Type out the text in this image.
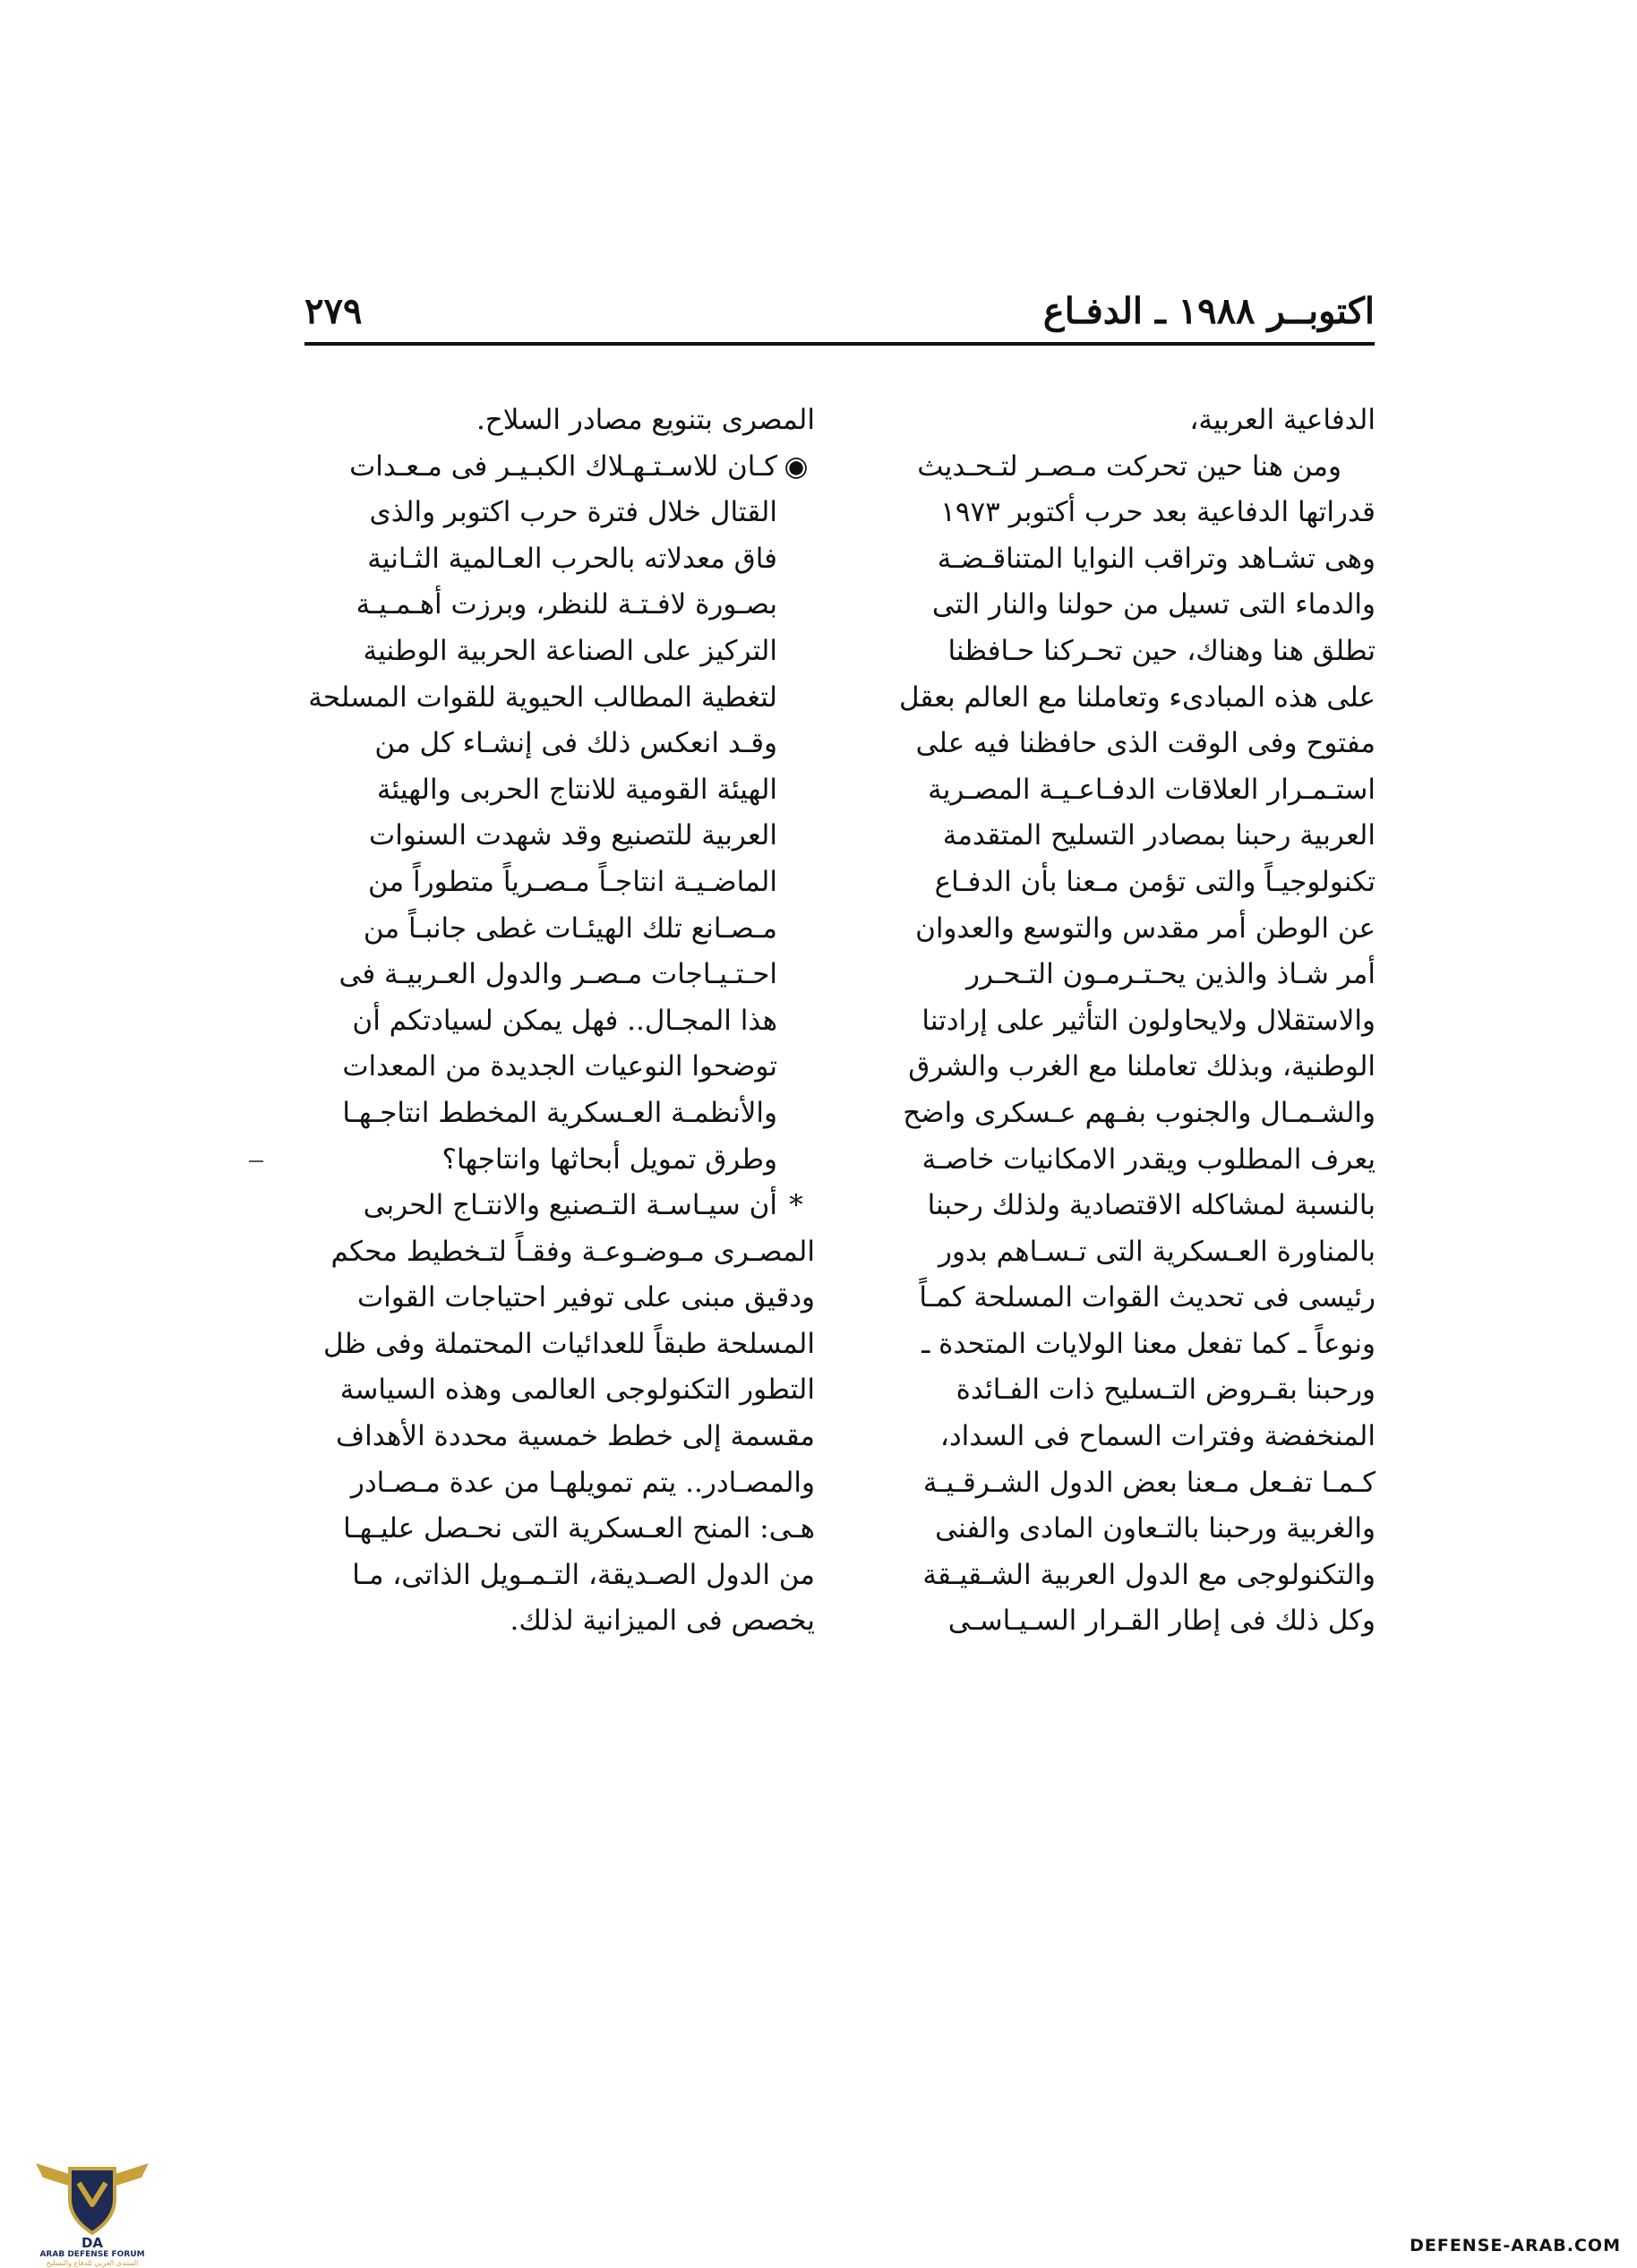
اكتوبــر ١٩٨٨ ـ الدفـاع
٢٧٩
الدفاعية العربية،
ومن هنا حين تحركت مـصـر لتـحـديث
قدراتها الدفاعية بعد حرب أكتوبر ١٩٧٣
وهى تشـاهد وتراقب النوايا المتناقـضـة
والدماء التى تسيل من حولنا والنار التى
تطلق هنا وهناك، حين تحـركنا حـافظنا
على هذه المبادىء وتعاملنا مع العالم بعقل
مفتوح وفى الوقت الذى حافظنا فيه على
استـمـرار العلاقات الدفـاعـيـة المصـرية
العربية رحبنا بمصادر التسليح المتقدمة
تكنولوجيـاً والتى تؤمن مـعنا بأن الدفـاع
عن الوطن أمر مقدس والتوسع والعدوان
أمر شـاذ والذين يحـتـرمـون التـحـرر
والاستقلال ولايحاولون التأثير على إرادتنا
الوطنية، وبذلك تعاملنا مع الغرب والشرق
والشـمـال والجنوب بفـهم عـسكرى واضح
يعرف المطلوب ويقدر الامكانيات خاصـة
بالنسبة لمشاكله الاقتصادية ولذلك رحبنا
بالمناورة العـسكرية التى تـسـاهم بدور
رئيسى فى تحديث القوات المسلحة كمـاً
ونوعاً ـ كما تفعل معنا الولايات المتحدة ـ
ورحبنا بقـروض التـسليح ذات الفـائدة
المنخفضة وفترات السماح فى السداد،
كـمـا تفـعل مـعنا بعض الدول الشـرقـيـة
والغربية ورحبنا بالتـعاون المادى والفنى
والتكنولوجى مع الدول العربية الشـقيـقة
وكل ذلك فى إطار القـرار السـيـاسـى
المصرى بتنويع مصادر السلاح.
◉كـان للاسـتـهـلاك الكبـيـر فى مـعـدات
القتال خلال فترة حرب اكتوبر والذى
فاق معدلاته بالحرب العـالمية الثـانية
بصـورة لافـتـة للنظر، وبرزت أهـمـيـة
التركيز على الصناعة الحربية الوطنية
لتغطية المطالب الحيوية للقوات المسلحة
وقـد انعكس ذلك فى إنشـاء كل من
الهيئة القومية للانتاج الحربى والهيئة
العربية للتصنيع وقد شهدت السنوات
الماضـيـة انتاجـاً مـصـرياً متطوراً من
مـصـانع تلك الهيئـات غطى جانبـاً من
احـتـيـاجات مـصـر والدول العـربيـة فى
هذا المجـال.. فهل يمكن لسيادتكم أن
توضحوا النوعيات الجديدة من المعدات
والأنظمـة العـسكرية المخطط انتاجـهـا
وطرق تمويل أبحاثها وانتاجها؟
*أن سيـاسـة التـصنيع والانتـاج الحربى
المصـرى مـوضـوعـة وفقـاً لتـخطيط محكم
ودقيق مبنى على توفير احتياجات القوات
المسلحة طبقاً للعدائيات المحتملة وفى ظل
التطور التكنولوجى العالمى وهذه السياسة
مقسمة إلى خطط خمسية محددة الأهداف
والمصـادر.. يتم تمويلهـا من عدة مـصـادر
هـى: المنح العـسكرية التى نحـصل عليـهـا
من الدول الصـديقة، التـمـويل الذاتى، مـا
يخصص فى الميزانية لذلك.
DA
ARAB DEFENSE FORUM
المنتدى العربي للدفاع والتسليح
DEFENSE-ARAB.COM
